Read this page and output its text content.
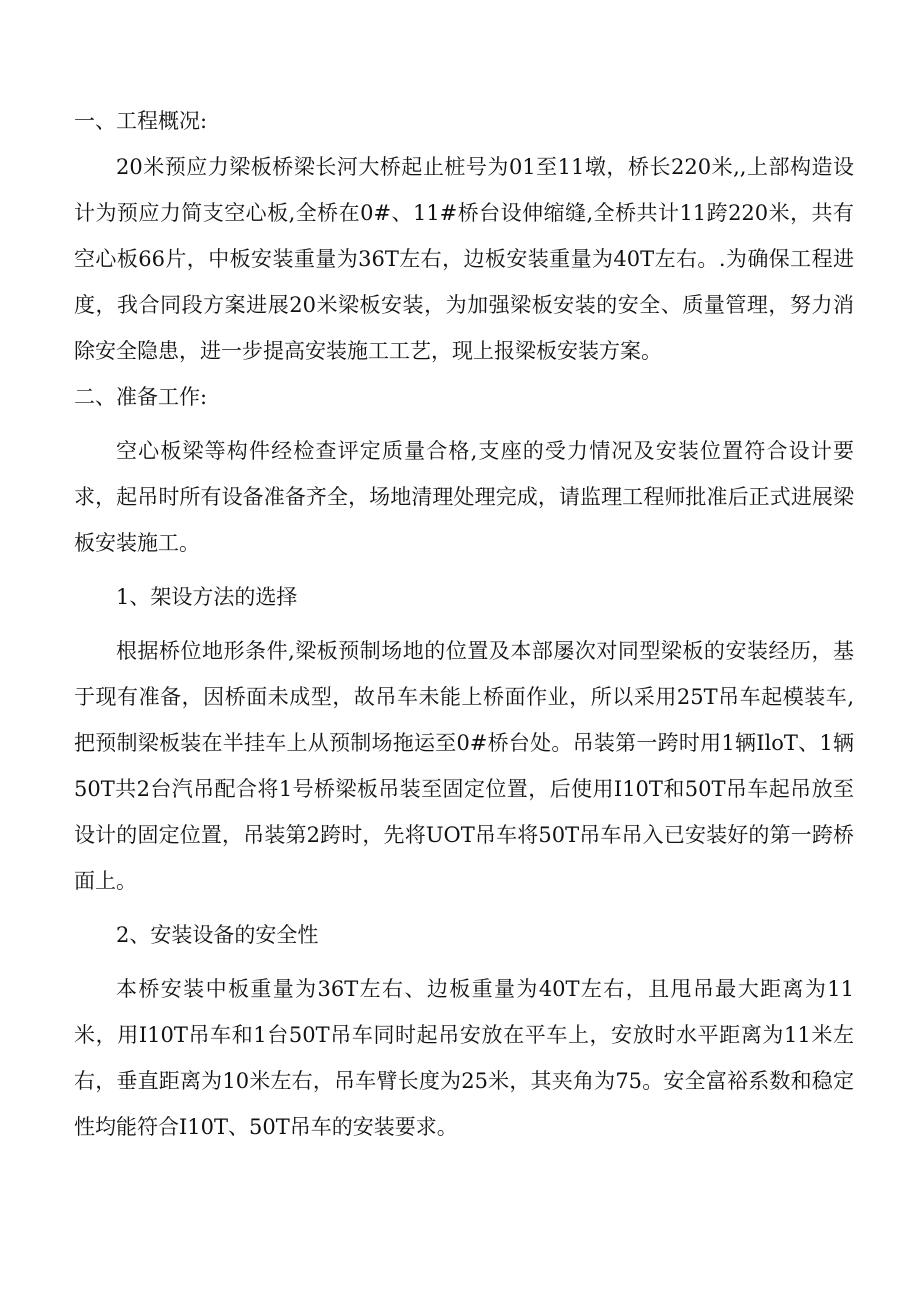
一、工程概况:

20米预应力梁板桥梁长河大桥起止桩号为01至11墩，桥长220米,,上部构造设计为预应力简支空心板,全桥在0#、11#桥台设伸缩缝,全桥共计11跨220米，共有空心板66片，中板安装重量为36T左右，边板安装重量为40T左右。.为确保工程进度，我合同段方案进展20米梁板安装，为加强梁板安装的安全、质量管理，努力消除安全隐患，进一步提高安装施工工艺，现上报梁板安装方案。

二、准备工作:

空心板梁等构件经检查评定质量合格,支座的受力情况及安装位置符合设计要求，起吊时所有设备准备齐全，场地清理处理完成，请监理工程师批准后正式进展梁板安装施工。

1、架设方法的选择

根据桥位地形条件,梁板预制场地的位置及本部屡次对同型梁板的安装经历，基于现有准备，因桥面未成型，故吊车未能上桥面作业，所以采用25T吊车起模装车,把预制梁板装在半挂车上从预制场拖运至0#桥台处。吊装第一跨时用1辆IloT、1辆50T共2台汽吊配合将1号桥梁板吊装至固定位置，后使用I10T和50T吊车起吊放至设计的固定位置，吊装第2跨时，先将UOT吊车将50T吊车吊入已安装好的第一跨桥面上。

2、安装设备的安全性

本桥安装中板重量为36T左右、边板重量为40T左右，且甩吊最大距离为11米，用I10T吊车和1台50T吊车同时起吊安放在平车上，安放时水平距离为11米左右，垂直距离为10米左右，吊车臂长度为25米，其夹角为75。安全富裕系数和稳定性均能符合I10T、50T吊车的安装要求。
